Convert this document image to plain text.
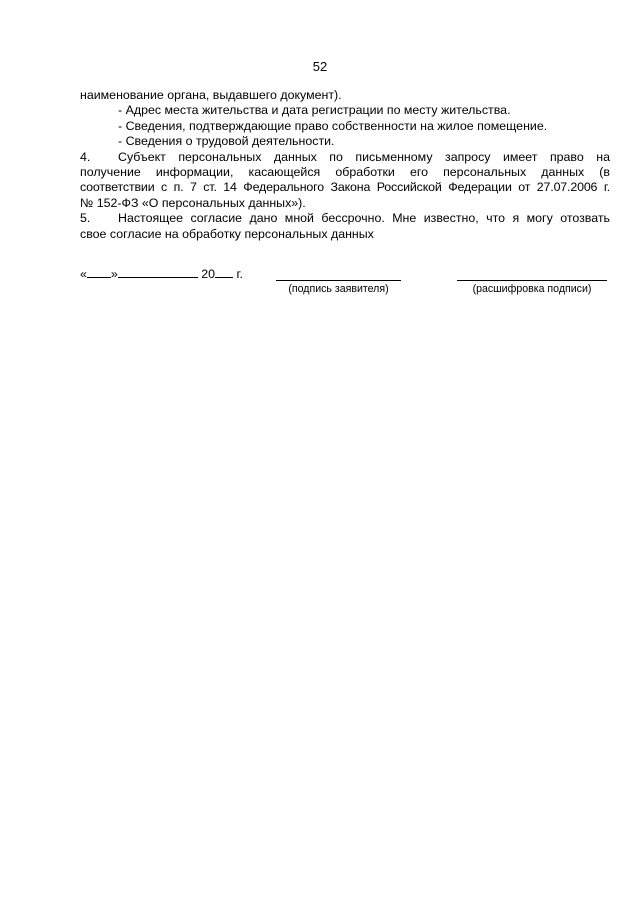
52

наименование органа, выдавшего документ).

- Адрес места жительства и дата регистрации по месту жительства.

- Сведения, подтверждающие право собственности на жилое помещение.

- Сведения о трудовой деятельности.

4. Субъект персональных данных по письменному запросу имеет право на

получение информации, касающейся обработки его персональных данных (в

соответствии с п. 7 ст. 14 Федерального Закона Российской Федерации от 27.07.2006 г.

№ 152-ФЗ «О персональных данных»).

5. Настоящее согласие дано мной бессрочно. Мне известно, что я могу отозвать

свое согласие на обработку персональных данных

« »	20 г.
(подпись заявителя)	(расшифровка подписи)
